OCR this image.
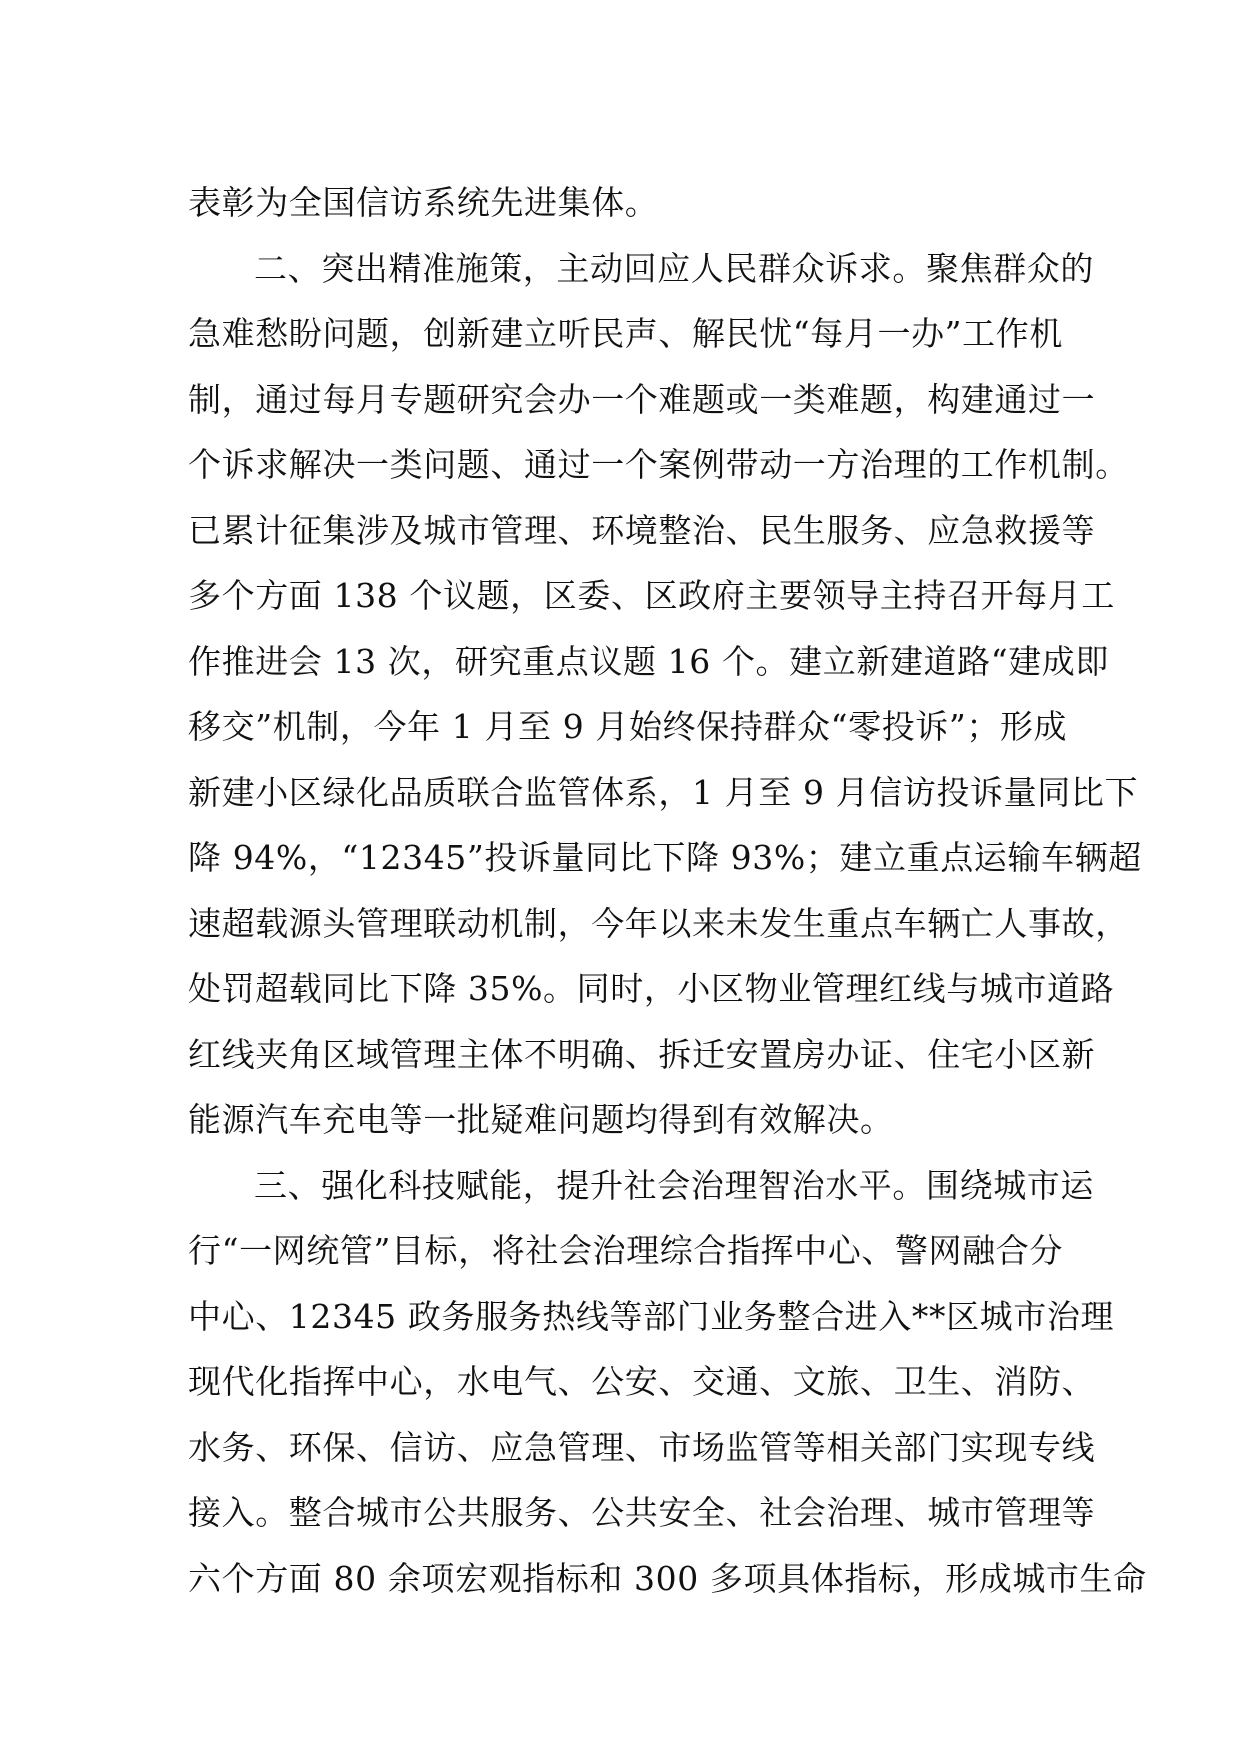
表彰为全国信访系统先进集体。
二、突出精准施策，主动回应人民群众诉求。聚焦群众的
急难愁盼问题，创新建立听民声、解民忧“每月一办”工作机
制，通过每月专题研究会办一个难题或一类难题，构建通过一
个诉求解决一类问题、通过一个案例带动一方治理的工作机制。
已累计征集涉及城市管理、环境整治、民生服务、应急救援等
多个方面 138 个议题，区委、区政府主要领导主持召开每月工
作推进会 13 次，研究重点议题 16 个。建立新建道路“建成即
移交”机制，今年 1 月至 9 月始终保持群众“零投诉”；形成
新建小区绿化品质联合监管体系，1 月至 9 月信访投诉量同比下
降 94%，“12345”投诉量同比下降 93%；建立重点运输车辆超
速超载源头管理联动机制，今年以来未发生重点车辆亡人事故，
处罚超载同比下降 35%。同时，小区物业管理红线与城市道路
红线夹角区域管理主体不明确、拆迁安置房办证、住宅小区新
能源汽车充电等一批疑难问题均得到有效解决。
三、强化科技赋能，提升社会治理智治水平。围绕城市运
行“一网统管”目标，将社会治理综合指挥中心、警网融合分
中心、12345 政务服务热线等部门业务整合进入**区城市治理
现代化指挥中心，水电气、公安、交通、文旅、卫生、消防、
水务、环保、信访、应急管理、市场监管等相关部门实现专线
接入。整合城市公共服务、公共安全、社会治理、城市管理等
六个方面 80 余项宏观指标和 300 多项具体指标，形成城市生命
